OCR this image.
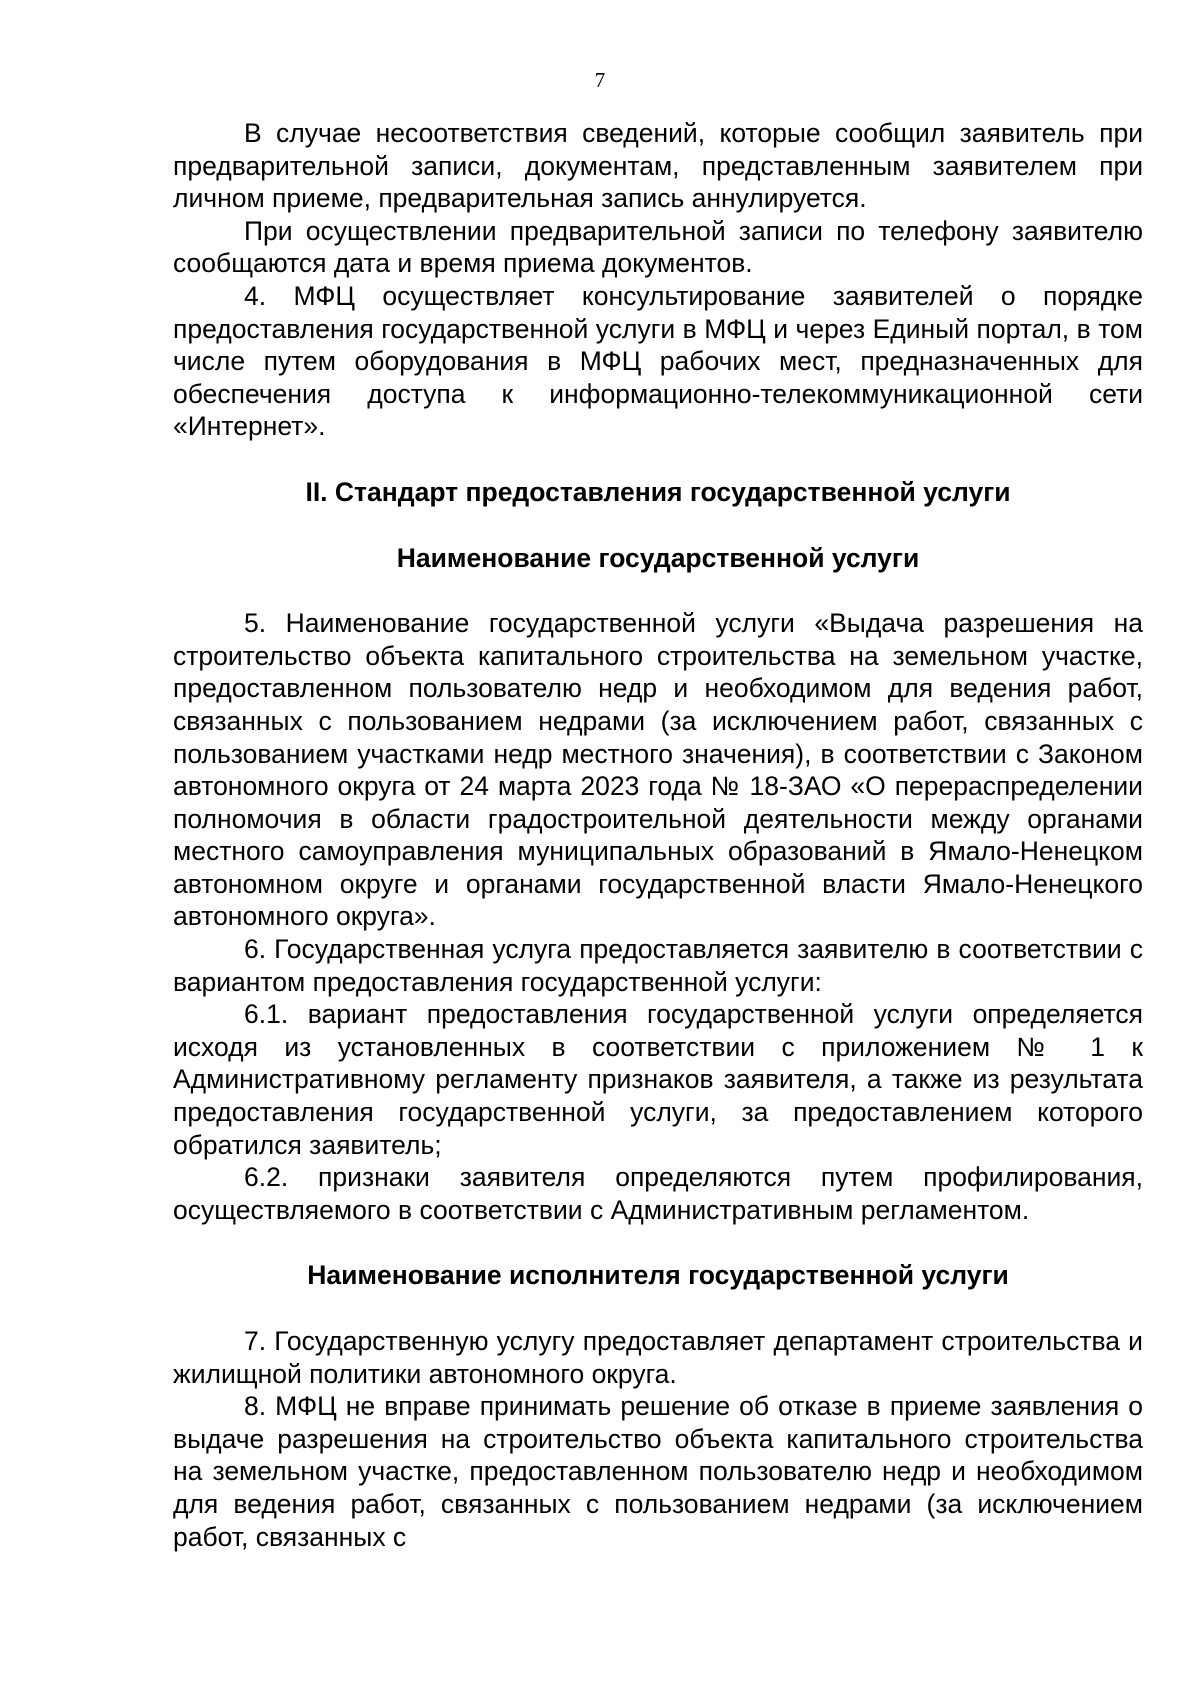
7

В случае несоответствия сведений, которые сообщил заявитель при предварительной записи, документам, представленным заявителем при личном приеме, предварительная запись аннулируется.

При осуществлении предварительной записи по телефону заявителю сообщаются дата и время приема документов.

4. МФЦ осуществляет консультирование заявителей о порядке предоставления государственной услуги в МФЦ и через Единый портал, в том числе путем оборудования в МФЦ рабочих мест, предназначенных для обеспечения доступа к информационно-телекоммуникационной сети «Интернет».

II. Стандарт предоставления государственной услуги

Наименование государственной услуги

5. Наименование государственной услуги «Выдача разрешения на строительство объекта капитального строительства на земельном участке, предоставленном пользователю недр и необходимом для ведения работ, связанных с пользованием недрами (за исключением работ, связанных с пользованием участками недр местного значения), в соответствии с Законом автономного округа от 24 марта 2023 года № 18-ЗАО «О перераспределении полномочия в области градостроительной деятельности между органами местного самоуправления муниципальных образований в Ямало-Ненецком автономном округе и органами государственной власти Ямало-Ненецкого автономного округа».

6. Государственная услуга предоставляется заявителю в соответствии с вариантом предоставления государственной услуги:

6.1. вариант предоставления государственной услуги определяется исходя из установленных в соответствии с приложением № 1 к Административному регламенту признаков заявителя, а также из результата предоставления государственной услуги, за предоставлением которого обратился заявитель;

6.2. признаки заявителя определяются путем профилирования, осуществляемого в соответствии с Административным регламентом.

Наименование исполнителя государственной услуги

7. Государственную услугу предоставляет департамент строительства и жилищной политики автономного округа.

8. МФЦ не вправе принимать решение об отказе в приеме заявления о выдаче разрешения на строительство объекта капитального строительства на земельном участке, предоставленном пользователю недр и необходимом для ведения работ, связанных с пользованием недрами (за исключением работ, связанных с
